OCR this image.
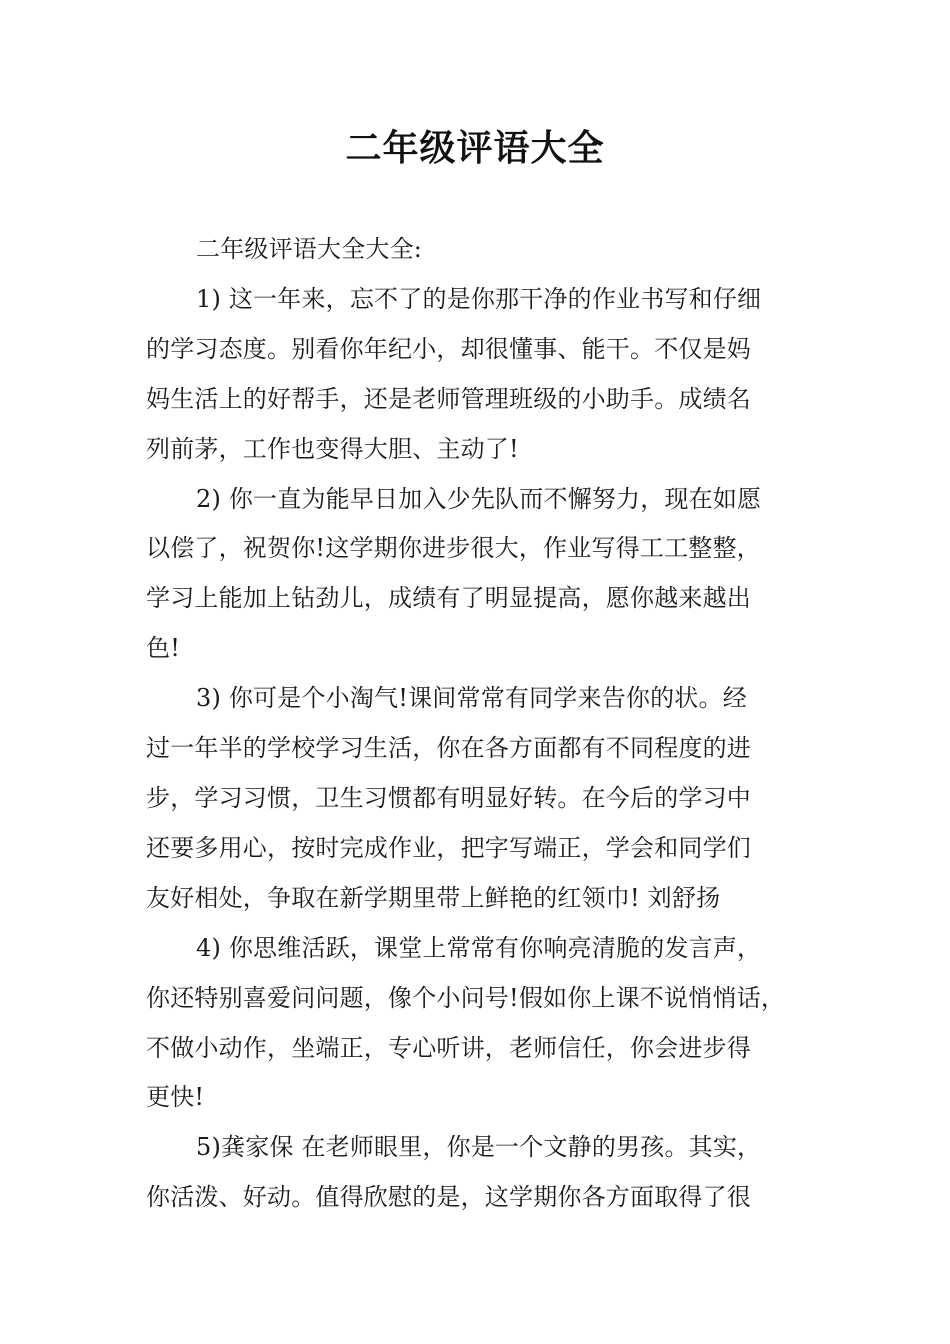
二年级评语大全
二年级评语大全大全:
1) 这一年来，忘不了的是你那干净的作业书写和仔细
的学习态度。别看你年纪小，却很懂事、能干。不仅是妈
妈生活上的好帮手，还是老师管理班级的小助手。成绩名
列前茅，工作也变得大胆、主动了!
2) 你一直为能早日加入少先队而不懈努力，现在如愿
以偿了，祝贺你!这学期你进步很大，作业写得工工整整，
学习上能加上钻劲儿，成绩有了明显提高，愿你越来越出
色!
3) 你可是个小淘气!课间常常有同学来告你的状。经
过一年半的学校学习生活，你在各方面都有不同程度的进
步，学习习惯，卫生习惯都有明显好转。在今后的学习中
还要多用心，按时完成作业，把字写端正，学会和同学们
友好相处，争取在新学期里带上鲜艳的红领巾! 刘舒扬
4) 你思维活跃，课堂上常常有你响亮清脆的发言声，
你还特别喜爱问问题，像个小问号!假如你上课不说悄悄话，
不做小动作，坐端正，专心听讲，老师信任，你会进步得
更快!
5)龚家保 在老师眼里，你是一个文静的男孩。其实，
你活泼、好动。值得欣慰的是，这学期你各方面取得了很
